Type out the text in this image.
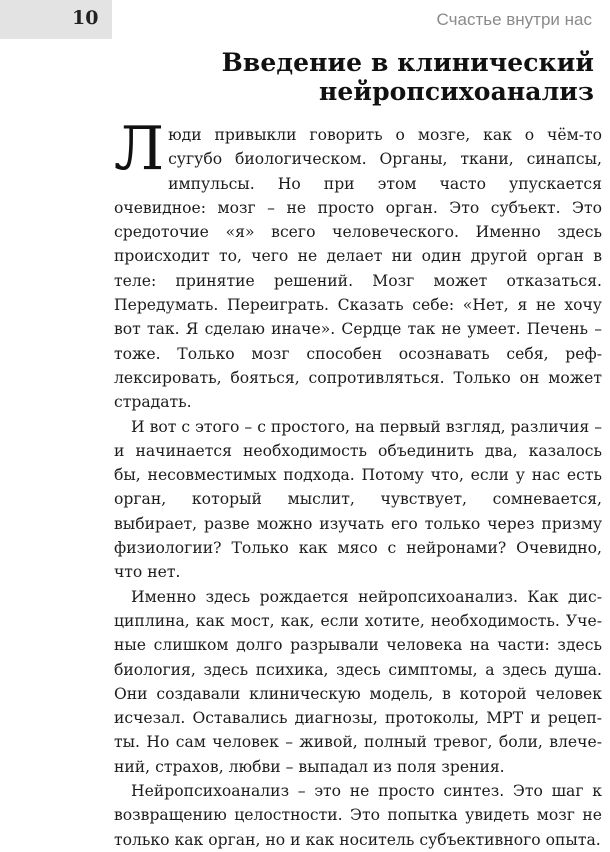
10	Счастье внутри нас
Введение в клинический
нейропсихоанализ

Люди привыкли говорить о мозге, как о чём-то сугубо биологическом. Органы, ткани, синапсы, импульсы. Но при этом часто упускается очевидное: мозг – не просто орган. Это субъект. Это средоточие «я» всего человеческого. Именно здесь происходит то, чего не делает ни один другой орган в теле: принятие решений. Мозг может отказаться. Передумать. Переиграть. Сказать себе: «Нет, я не хочу вот так. Я сделаю иначе». Сердце так не умеет. Печень – тоже. Только мозг способен осознавать себя, рефлексировать, бояться, сопротивляться. Только он может страдать.

И вот с этого – с простого, на первый взгляд, различия – и начинается необходимость объединить два, казалось бы, несовместимых подхода. Потому что, если у нас есть орган, который мыслит, чувствует, сомневается, выбирает, разве можно изучать его только через призму физиологии? Только как мясо с нейронами? Очевидно, что нет.

Именно здесь рождается нейропсихоанализ. Как дисциплина, как мост, как, если хотите, необходимость. Ученые слишком долго разрывали человека на части: здесь биология, здесь психика, здесь симптомы, а здесь душа. Они создавали клиническую модель, в которой человек исчезал. Оставались диагнозы, протоколы, МРТ и рецепты. Но сам человек – живой, полный тревог, боли, влечений, страхов, любви – выпадал из поля зрения.

Нейропсихоанализ – это не просто синтез. Это шаг к возвращению целостности. Это попытка увидеть мозг не только как орган, но и как носитель субъективного опыта.
